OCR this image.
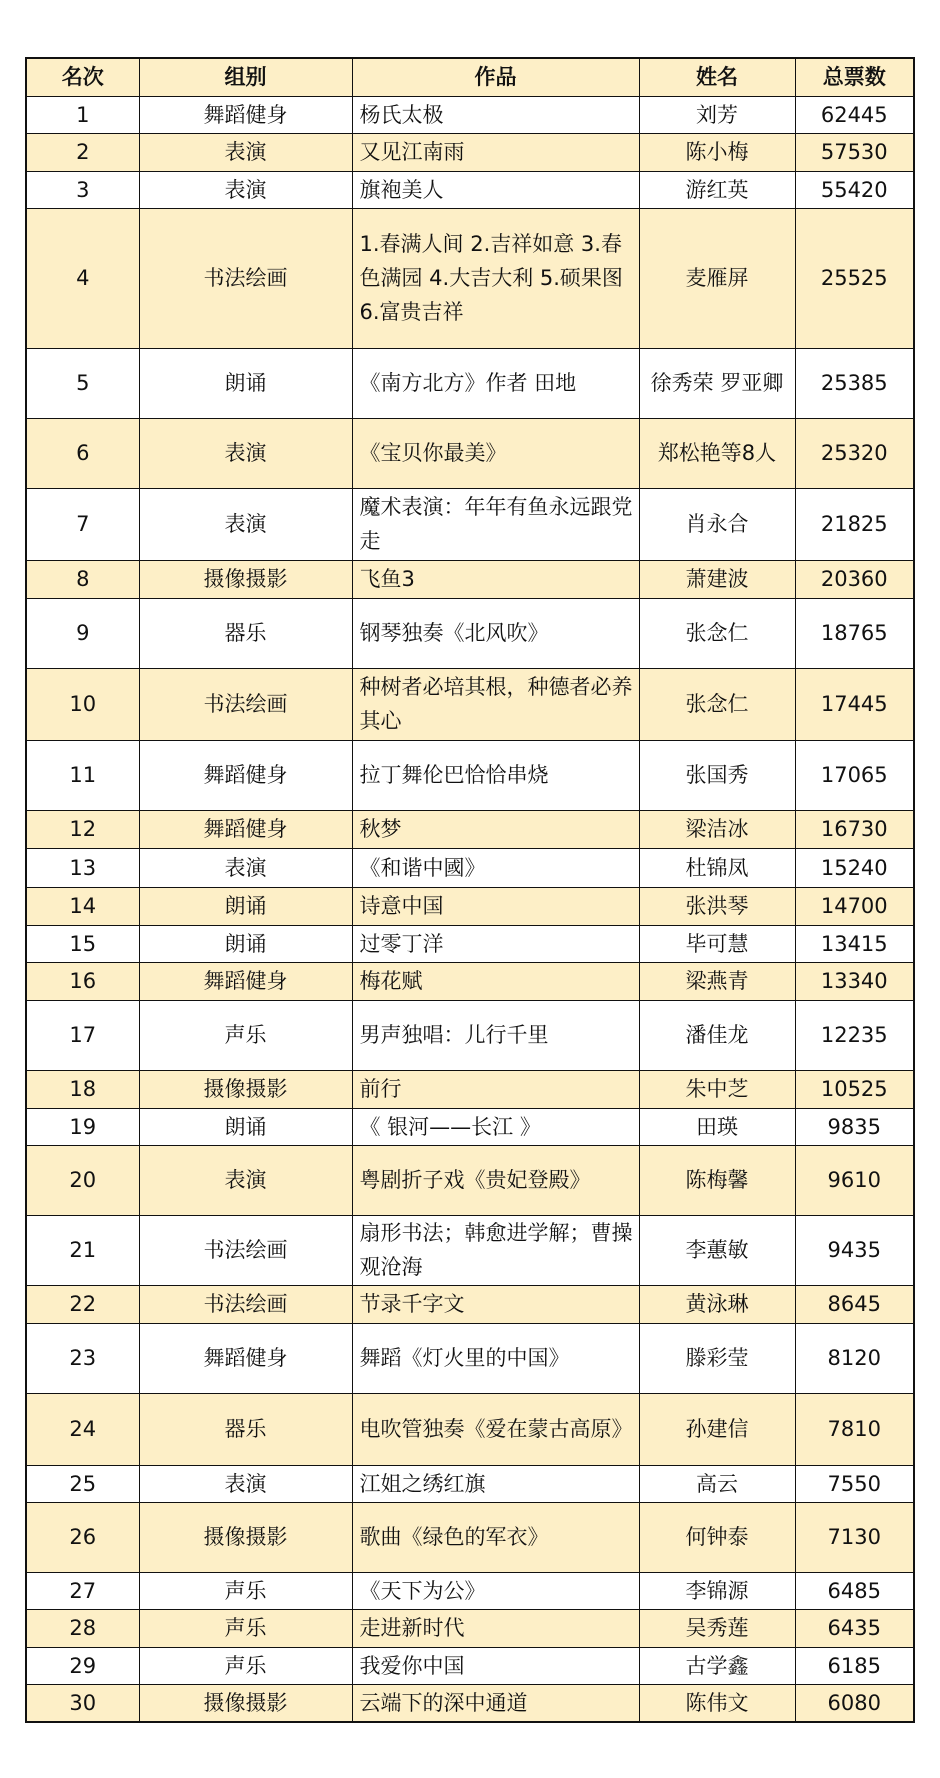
名次	组别	作品	姓名	总票数
1	舞蹈健身	杨氏太极	刘芳	62445
2	表演	又见江南雨	陈小梅	57530
3	表演	旗袍美人	游红英	55420
4	书法绘画	1.春满人间 2.吉祥如意 3.春色满园 4.大吉大利 5.硕果图 6.富贵吉祥	麦雁屏	25525
5	朗诵	《南方北方》作者 田地	徐秀荣 罗亚卿	25385
6	表演	《宝贝你最美》	郑松艳等8人	25320
7	表演	魔术表演：年年有鱼永远跟党走	肖永合	21825
8	摄像摄影	飞鱼3	萧建波	20360
9	器乐	钢琴独奏《北风吹》	张念仁	18765
10	书法绘画	种树者必培其根，种德者必养其心	张念仁	17445
11	舞蹈健身	拉丁舞伦巴恰恰串烧	张国秀	17065
12	舞蹈健身	秋梦	梁洁冰	16730
13	表演	《和谐中國》	杜锦凤	15240
14	朗诵	诗意中国	张洪琴	14700
15	朗诵	过零丁洋	毕可慧	13415
16	舞蹈健身	梅花赋	梁燕青	13340
17	声乐	男声独唱：儿行千里	潘佳龙	12235
18	摄像摄影	前行	朱中芝	10525
19	朗诵	《 银河——长江 》	田瑛	9835
20	表演	粤剧折子戏《贵妃登殿》	陈梅馨	9610
21	书法绘画	扇形书法；韩愈进学解；曹操观沧海	李蕙敏	9435
22	书法绘画	节录千字文	黄泳琳	8645
23	舞蹈健身	舞蹈《灯火里的中国》	滕彩莹	8120
24	器乐	电吹管独奏《爱在蒙古高原》	孙建信	7810
25	表演	江姐之绣红旗	高云	7550
26	摄像摄影	歌曲《绿色的军衣》	何钟泰	7130
27	声乐	《天下为公》	李锦源	6485
28	声乐	走进新时代	吴秀莲	6435
29	声乐	我爱你中国	古学鑫	6185
30	摄像摄影	云端下的深中通道	陈伟文	6080
